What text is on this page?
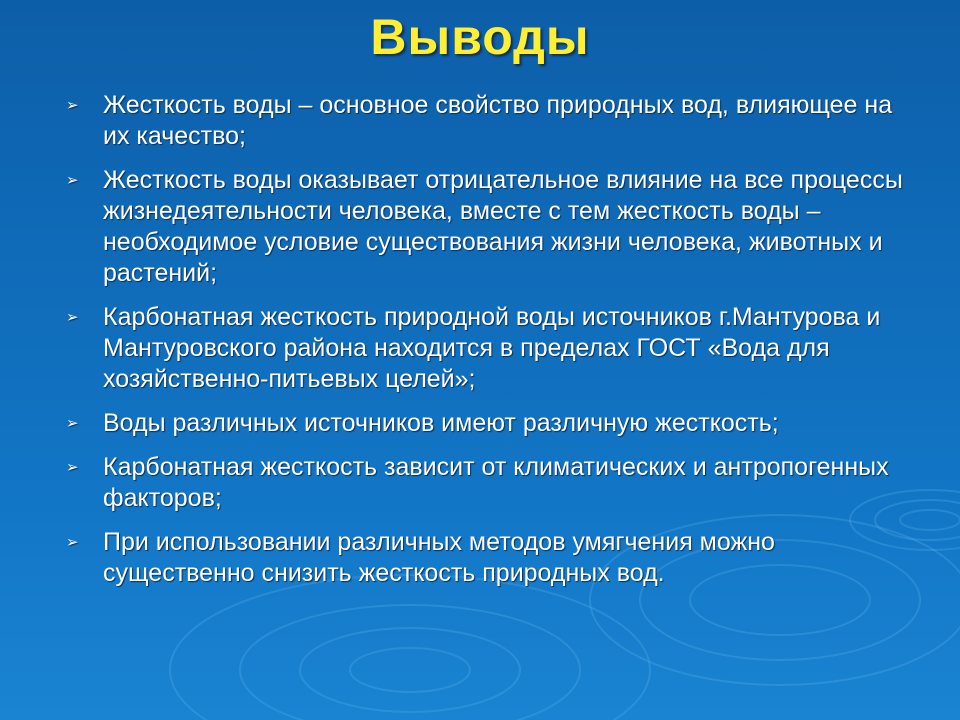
Выводы
➢ Жесткость воды – основное свойство природных вод, влияющее на их качество;
➢ Жесткость воды оказывает отрицательное влияние на все процессы жизнедеятельности человека, вместе с тем жесткость воды – необходимое условие существования жизни человека, животных и растений;
➢ Карбонатная жесткость природной воды источников г.Мантурова и Мантуровского района находится в пределах ГОСТ «Вода для хозяйственно-питьевых целей»;
➢ Воды различных источников имеют различную жесткость;
➢ Карбонатная жесткость зависит от климатических и антропогенных факторов;
➢ При использовании различных методов умягчения можно существенно снизить жесткость природных вод.
